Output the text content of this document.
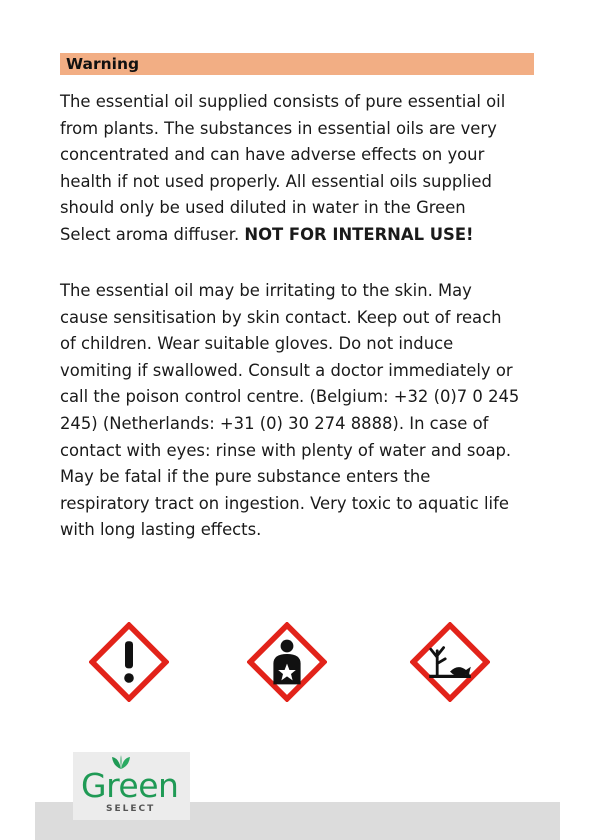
Warning
The essential oil supplied consists of pure essential oil
from plants. The substances in essential oils are very
concentrated and can have adverse effects on your
health if not used properly. All essential oils supplied
should only be used diluted in water in the Green
Select aroma diffuser. NOT FOR INTERNAL USE!
The essential oil may be irritating to the skin. May
cause sensitisation by skin contact. Keep out of reach
of children. Wear suitable gloves. Do not induce
vomiting if swallowed. Consult a doctor immediately or
call the poison control centre. (Belgium: +32 (0)7 0 245
245) (Netherlands: +31 (0) 30 274 8888). In case of
contact with eyes: rinse with plenty of water and soap.
May be fatal if the pure substance enters the
respiratory tract on ingestion. Very toxic to aquatic life
with long lasting effects.
Green
SELECT
